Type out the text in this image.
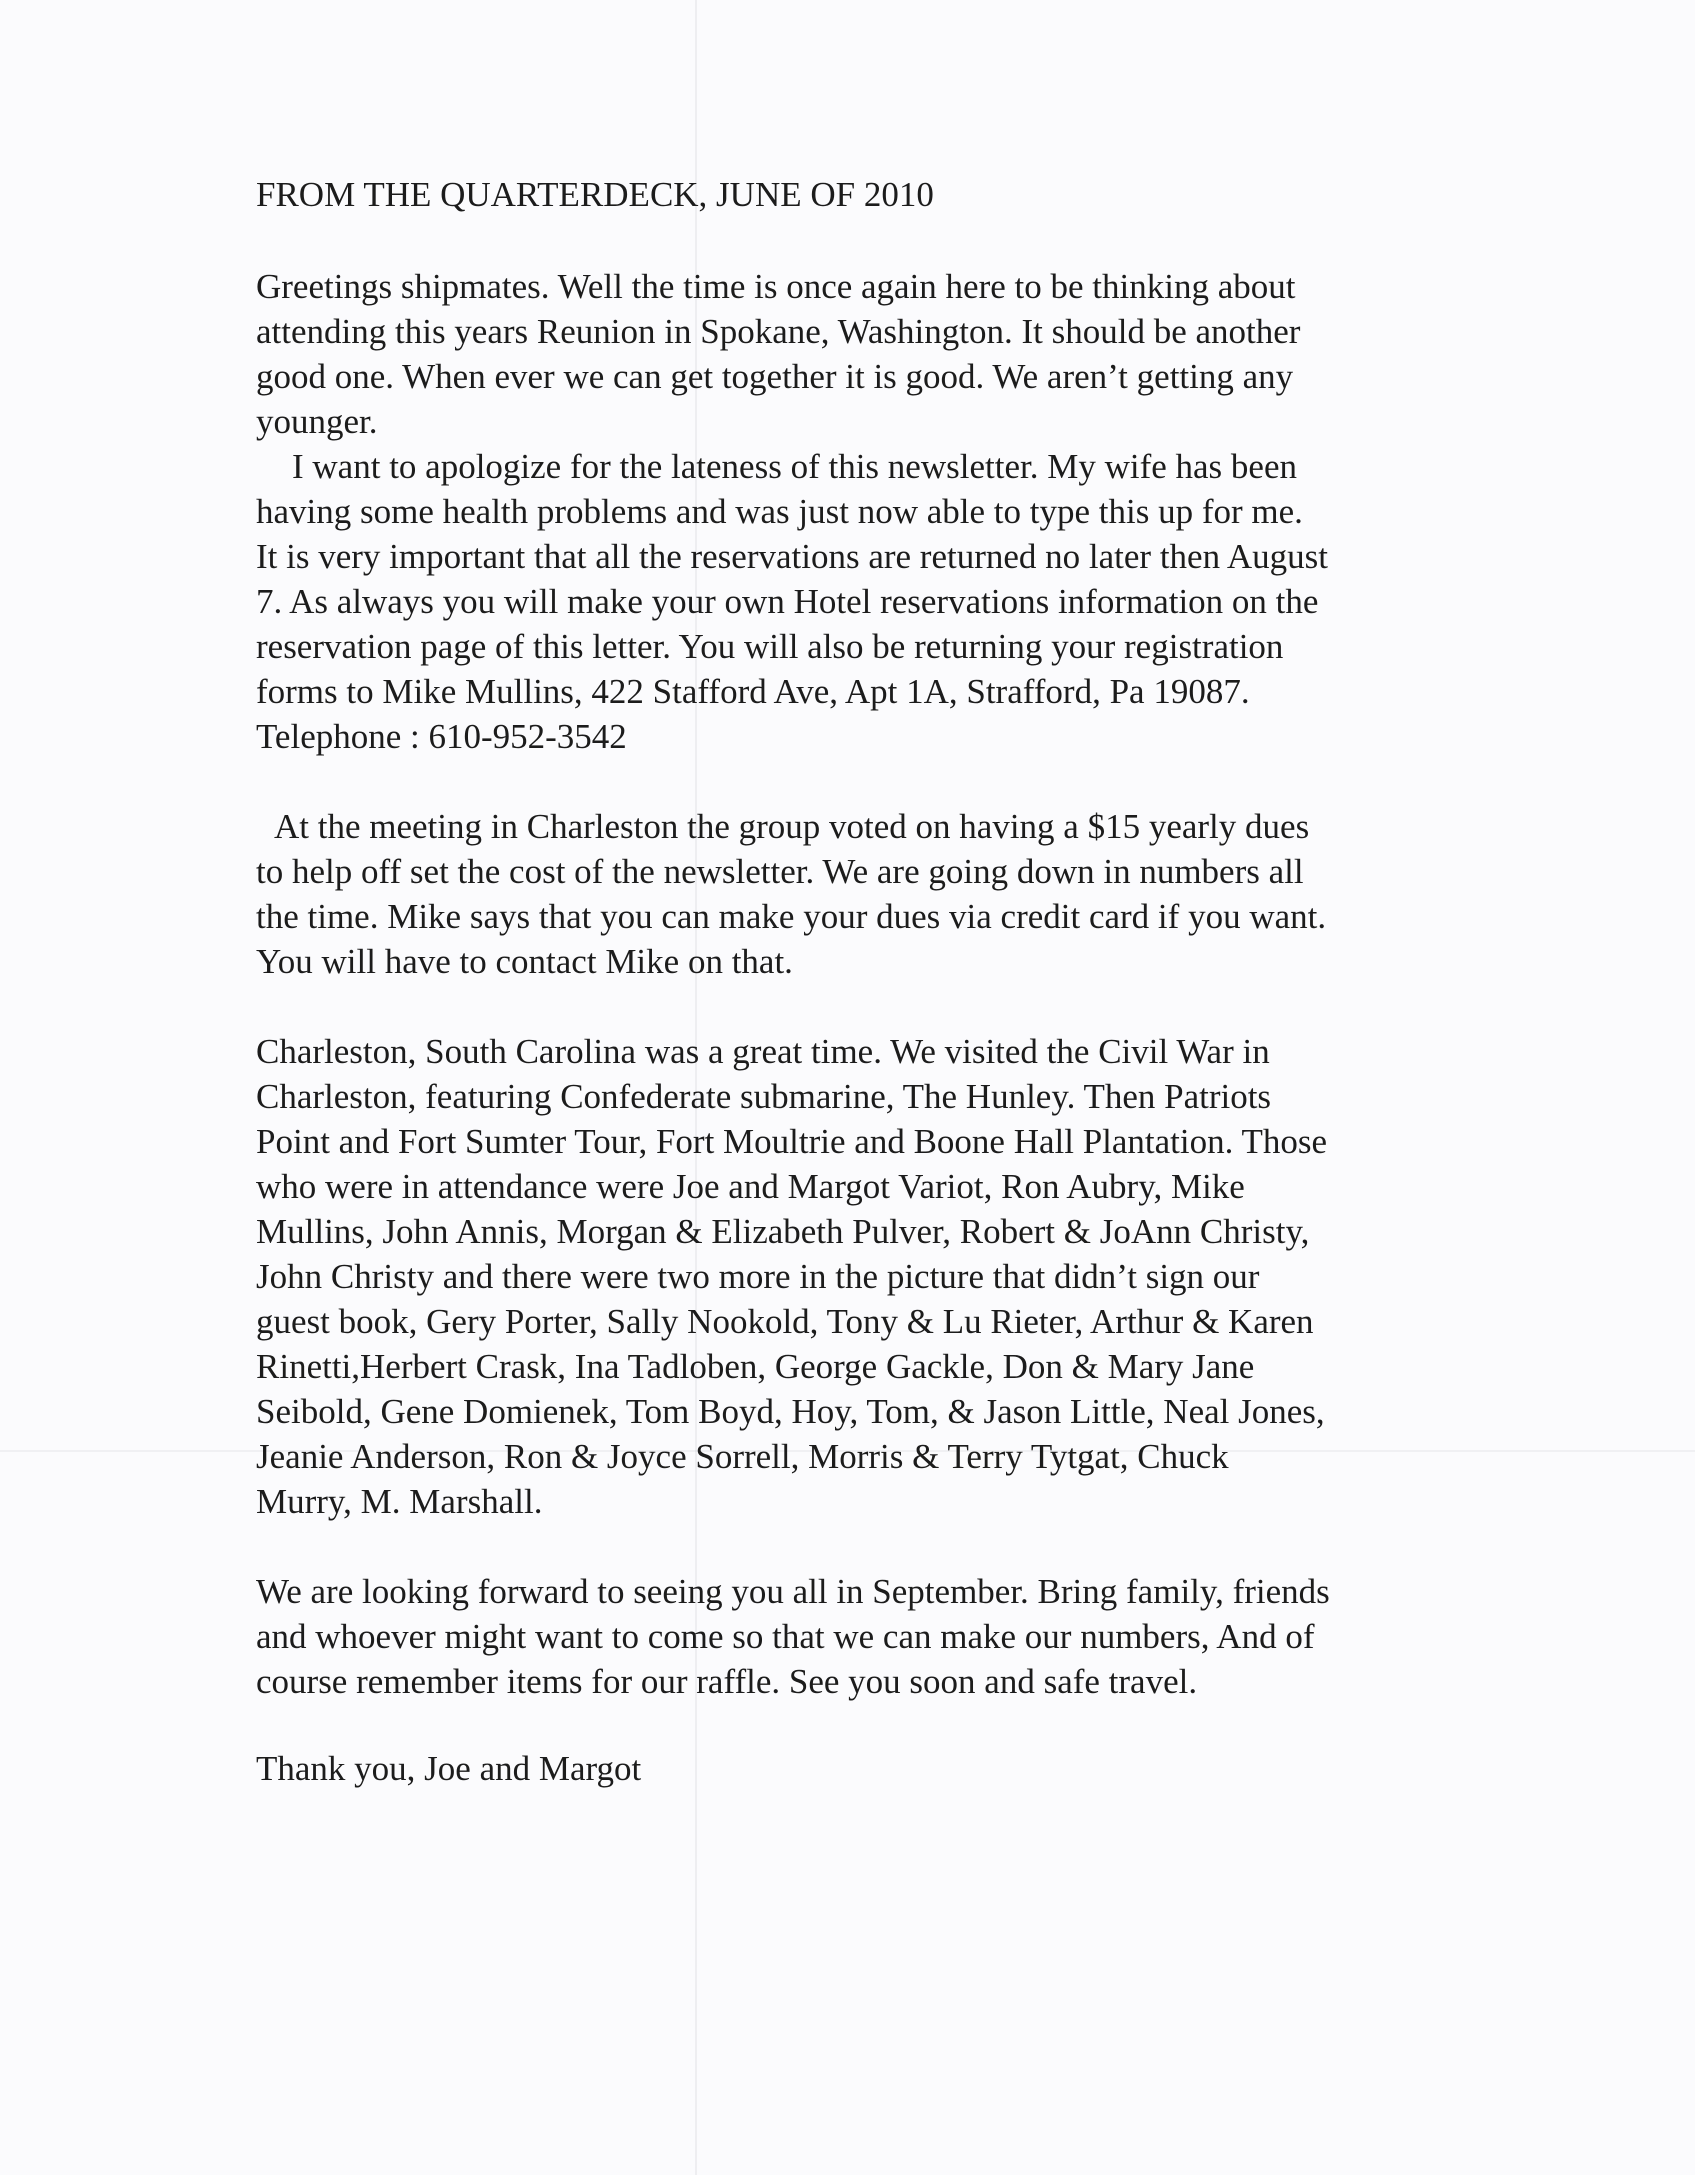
FROM THE QUARTERDECK, JUNE OF 2010

Greetings shipmates. Well the time is once again here to be thinking about
attending this years Reunion in Spokane, Washington. It should be another
good one. When ever we can get together it is good. We aren’t getting any
younger.

I want to apologize for the lateness of this newsletter. My wife has been
having some health problems and was just now able to type this up for me.
It is very important that all the reservations are returned no later then August
7. As always you will make your own Hotel reservations information on the
reservation page of this letter. You will also be returning your registration
forms to Mike Mullins, 422 Stafford Ave, Apt 1A, Strafford, Pa 19087.
Telephone : 610-952-3542

At the meeting in Charleston the group voted on having a $15 yearly dues
to help off set the cost of the newsletter. We are going down in numbers all
the time. Mike says that you can make your dues via credit card if you want.
You will have to contact Mike on that.

Charleston, South Carolina was a great time. We visited the Civil War in
Charleston, featuring Confederate submarine, The Hunley. Then Patriots
Point and Fort Sumter Tour, Fort Moultrie and Boone Hall Plantation. Those
who were in attendance were Joe and Margot Variot, Ron Aubry, Mike
Mullins, John Annis, Morgan & Elizabeth Pulver, Robert & JoAnn Christy,
John Christy and there were two more in the picture that didn’t sign our
guest book, Gery Porter, Sally Nookold, Tony & Lu Rieter, Arthur & Karen
Rinetti,Herbert Crask, Ina Tadloben, George Gackle, Don & Mary Jane
Seibold, Gene Domienek, Tom Boyd, Hoy, Tom, & Jason Little, Neal Jones,
Jeanie Anderson, Ron & Joyce Sorrell, Morris & Terry Tytgat, Chuck
Murry, M. Marshall.

We are looking forward to seeing you all in September. Bring family, friends
and whoever might want to come so that we can make our numbers, And of
course remember items for our raffle. See you soon and safe travel.

Thank you, Joe and Margot
